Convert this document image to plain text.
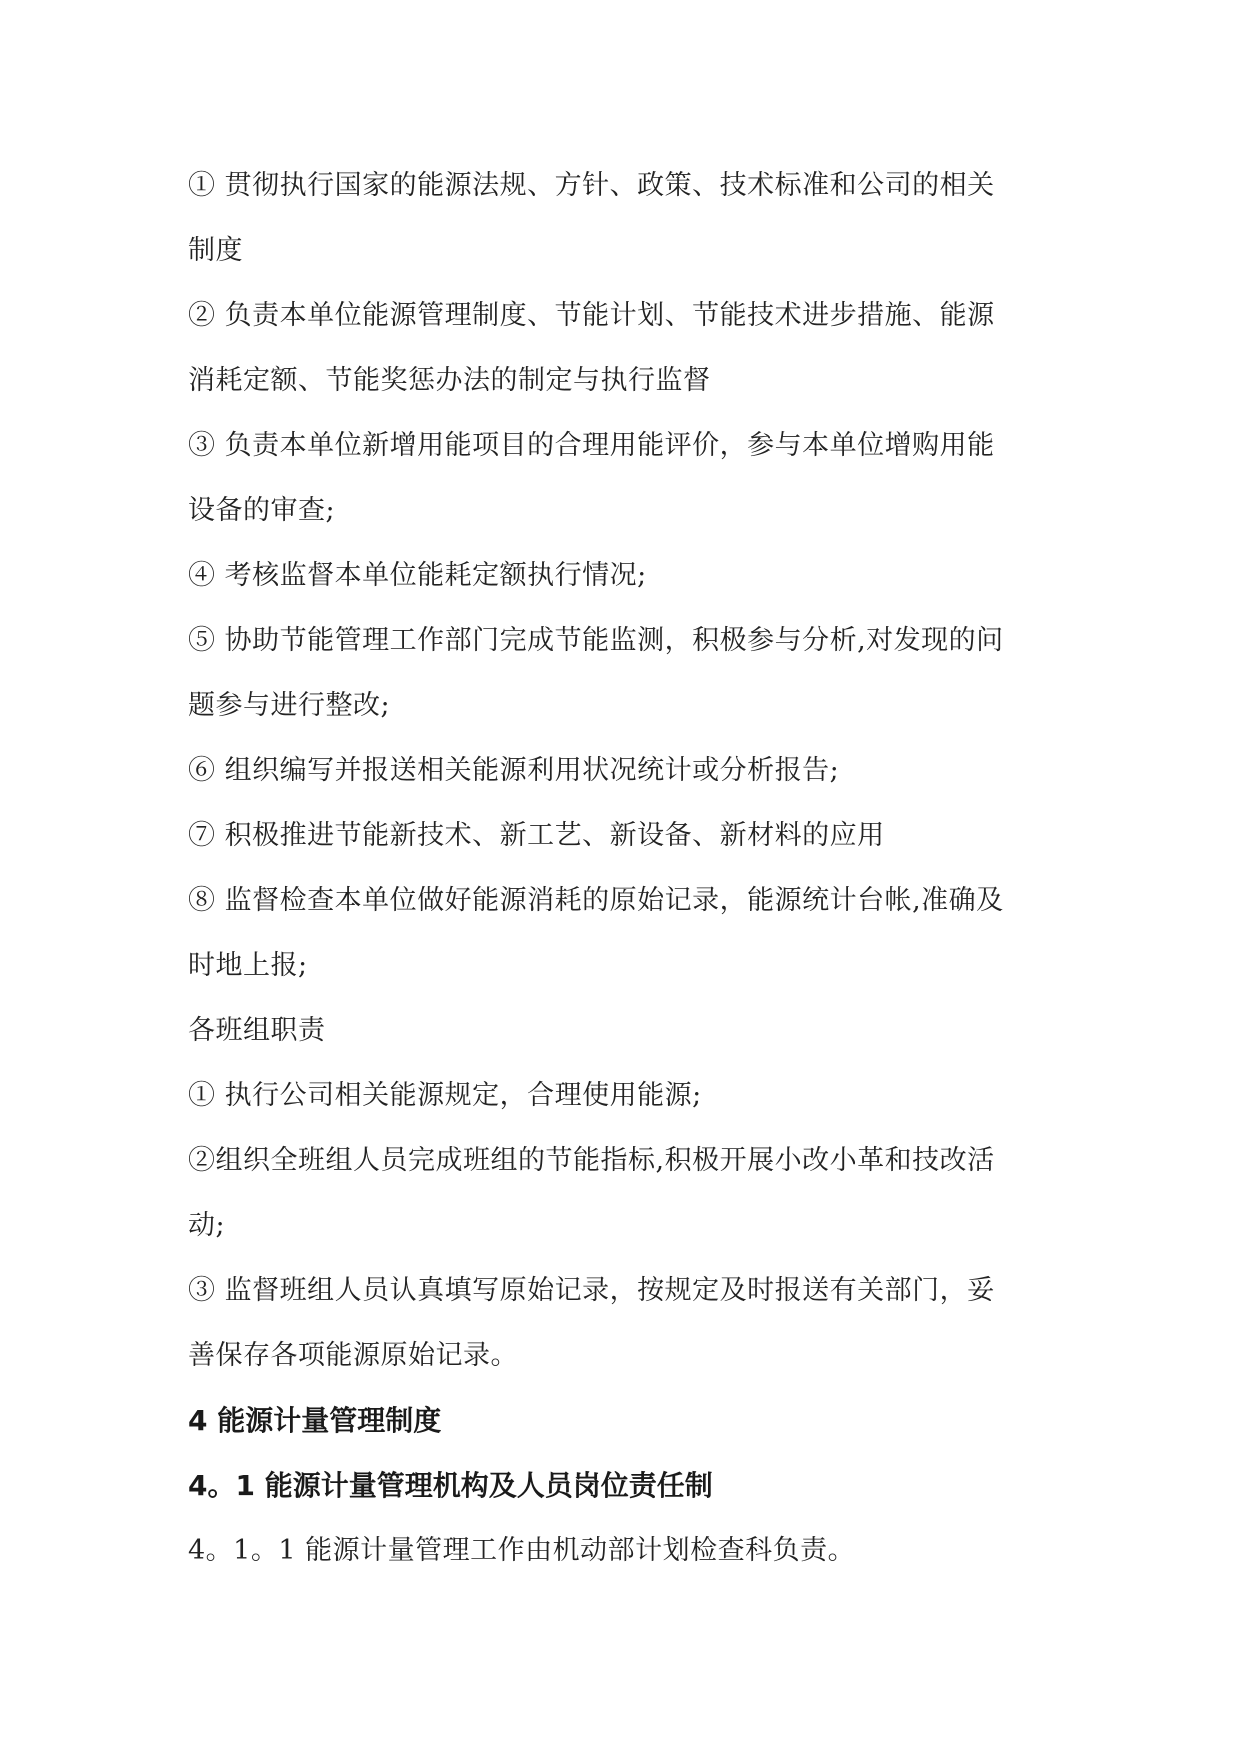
① 贯彻执行国家的能源法规、方针、政策、技术标准和公司的相关
制度
② 负责本单位能源管理制度、节能计划、节能技术进步措施、能源
消耗定额、节能奖惩办法的制定与执行监督
③ 负责本单位新增用能项目的合理用能评价，参与本单位增购用能
设备的审查;
④ 考核监督本单位能耗定额执行情况;
⑤ 协助节能管理工作部门完成节能监测，积极参与分析,对发现的问
题参与进行整改;
⑥ 组织编写并报送相关能源利用状况统计或分析报告;
⑦ 积极推进节能新技术、新工艺、新设备、新材料的应用
⑧ 监督检查本单位做好能源消耗的原始记录，能源统计台帐,准确及
时地上报;
各班组职责
① 执行公司相关能源规定，合理使用能源;
②组织全班组人员完成班组的节能指标,积极开展小改小革和技改活
动;
③ 监督班组人员认真填写原始记录，按规定及时报送有关部门，妥
善保存各项能源原始记录。
4 能源计量管理制度
4。1 能源计量管理机构及人员岗位责任制
4。1。1 能源计量管理工作由机动部计划检查科负责。
